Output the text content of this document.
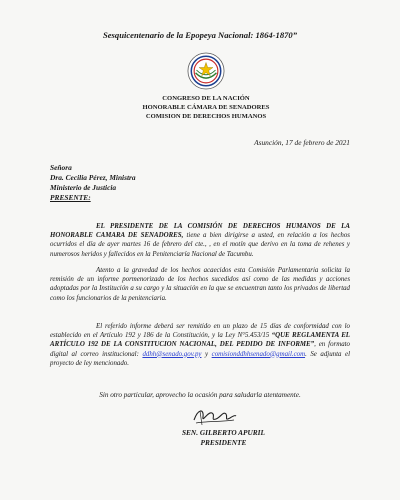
Sesquicentenario de la Epopeya Nacional: 1864-1870”
CONGRESO DE LA NACIÓN
HONORABLE CÁMARA DE SENADORES
COMISION DE DERECHOS HUMANOS
Asunción, 17 de febrero de 2021
Señora
Dra. Cecilia Pérez, Ministra
Ministerio de Justicia
PRESENTE:
EL PRESIDENTE DE LA COMISIÓN DE DERECHOS HUMANOS DE LA HONORABLE CAMARA DE SENADORES, tiene a bien dirigirse a usted, en relación a los hechos ocurridos el día de ayer martes 16 de febrero del cte., , en el motín que derivo en la toma de rehenes y numerosos heridos y fallecidos en la Penitenciaría Nacional de Tacumbu.
Atento a la gravedad de los hechos acaecidos esta Comisión Parlamentaria solicita la remisión de un informe pormenorizado de los hechos sucedidos así como de las medidas y acciones adoptadas por la Institución a su cargo y la situación en la que se encuentran tanto los privados de libertad como los funcionarios de la penitenciaria.
El referido informe deberá ser remitido en un plazo de 15 días de conformidad con lo establecido en el Artículo 192 y 186 de la Constitución, y la Ley N°5.453/15 “QUE REGLAMENTA EL ARTÍCULO 192 DE LA CONSTITUCION NACIONAL, DEL PEDIDO DE INFORME”, en formato digital al correo institucional: ddhh@senado.gov.py y comisionddhhsenado@gmail.com. Se adjunta el proyecto de ley mencionado.
Sin otro particular, aprovecho la ocasión para saludarla atentamente.
SEN. GILBERTO APURIL
PRESIDENTE
